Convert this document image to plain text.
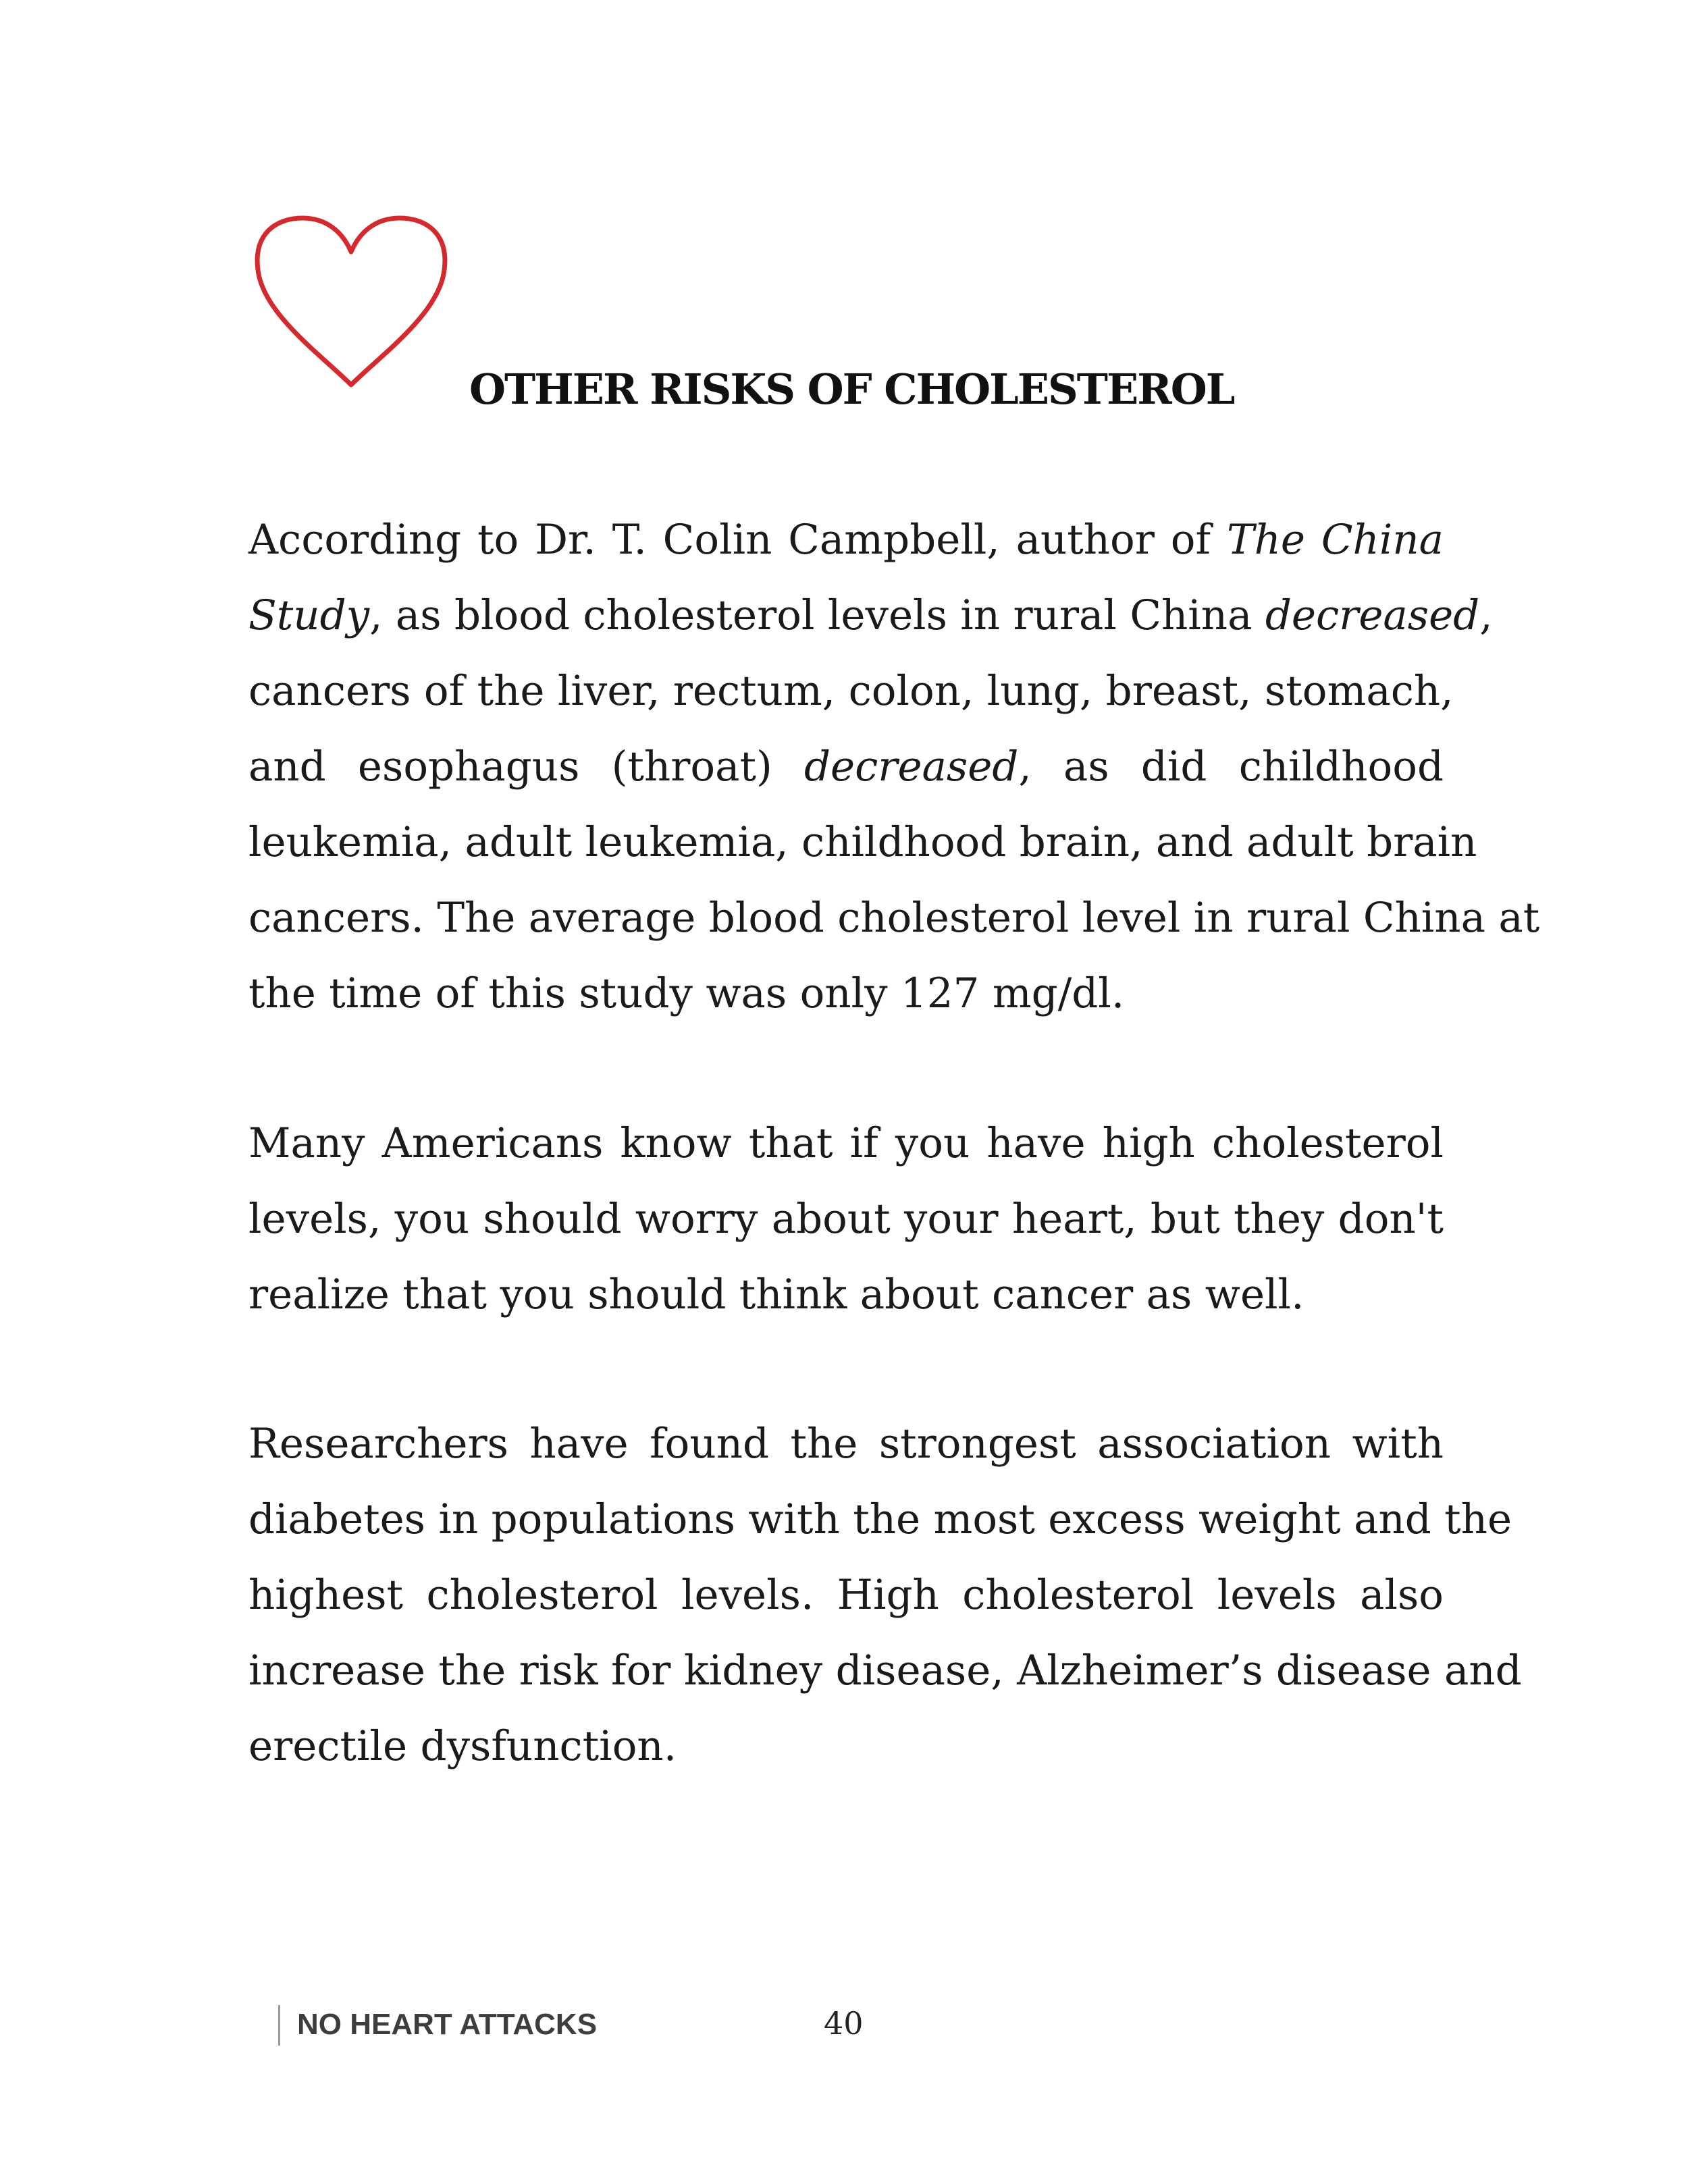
OTHER RISKS OF CHOLESTEROL
According to Dr. T. Colin Campbell, author of The China
Study, as blood cholesterol levels in rural China decreased,
cancers of the liver, rectum, colon, lung, breast, stomach,
and esophagus (throat) decreased, as did childhood
leukemia, adult leukemia, childhood brain, and adult brain
cancers. The average blood cholesterol level in rural China at
the time of this study was only 127 mg/dl.
Many Americans know that if you have high cholesterol
levels, you should worry about your heart, but they don't
realize that you should think about cancer as well.
Researchers have found the strongest association with
diabetes in populations with the most excess weight and the
highest cholesterol levels. High cholesterol levels also
increase the risk for kidney disease, Alzheimer’s disease and
erectile dysfunction.
NO HEART ATTACKS	40
